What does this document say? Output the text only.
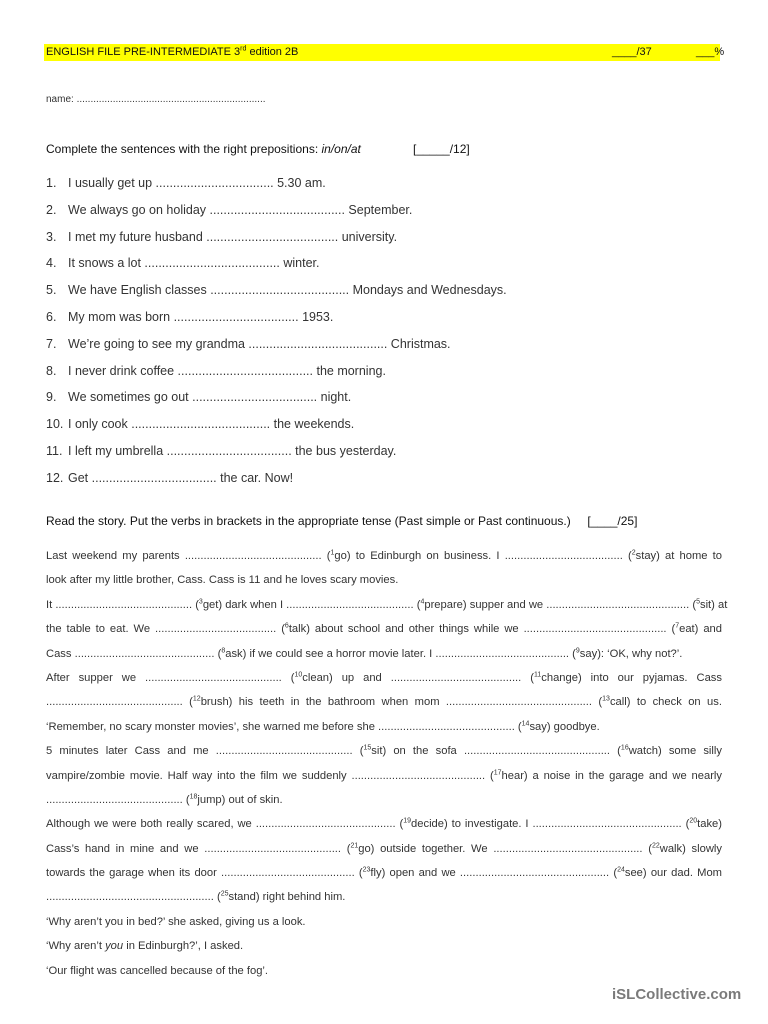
ENGLISH FILE PRE-INTERMEDIATE 3rd edition 2B	____/37	___%
name: ....................................................................
Complete the sentences with the right prepositions: in/on/at	[_____/12]
1. I usually get up .................................. 5.30 am.
2. We always go on holiday ....................................... September.
3. I met my future husband ...................................... university.
4. It snows a lot ....................................... winter.
5. We have English classes ........................................ Mondays and Wednesdays.
6. My mom was born .................................... 1953.
7. We’re going to see my grandma ........................................ Christmas.
8. I never drink coffee ....................................... the morning.
9. We sometimes go out .................................... night.
10. I only cook ........................................ the weekends.
11. I left my umbrella .................................... the bus yesterday.
12. Get .................................... the car. Now!
Read the story. Put the verbs in brackets in the appropriate tense (Past simple or Past continuous.) [____/25]
Last weekend my parents ............................................ ($^1$go) to Edinburgh on business. I ...................................... ($^2$stay) at home to
look after my little brother, Cass. Cass is 11 and he loves scary movies.
It ............................................ ($^3$get) dark when I ......................................... ($^4$prepare) supper and we .............................................. ($^5$sit) at
the table to eat. We ....................................... ($^6$talk) about school and other things while we .............................................. ($^7$eat) and
Cass ............................................. ($^8$ask) if we could see a horror movie later. I ........................................... ($^9$say): ‘OK, why not?’.
After supper we ............................................ ($^{10}$clean) up and .......................................... ($^{11}$change) into our pyjamas. Cass
............................................ ($^{12}$brush) his teeth in the bathroom when mom ............................................... ($^{13}$call) to check on us.
‘Remember, no scary monster movies’, she warned me before she ............................................ ($^{14}$say) goodbye.
5 minutes later Cass and me ............................................ ($^{15}$sit) on the sofa ............................................... ($^{16}$watch) some silly
vampire/zombie movie. Half way into the film we suddenly ........................................... ($^{17}$hear) a noise in the garage and we nearly
............................................ ($^{18}$jump) out of skin.
Although we were both really scared, we ............................................. ($^{19}$decide) to investigate. I ................................................ ($^{20}$take)
Cass’s hand in mine and we ............................................ ($^{21}$go) outside together. We ................................................ ($^{22}$walk) slowly
towards the garage when its door ........................................... ($^{23}$fly) open and we ................................................ ($^{24}$see) our dad. Mom
...................................................... ($^{25}$stand) right behind him.
‘Why aren’t you in bed?’ she asked, giving us a look.
‘Why aren’t you in Edinburgh?’, I asked.
‘Our flight was cancelled because of the fog’.
iSLCollective.com
